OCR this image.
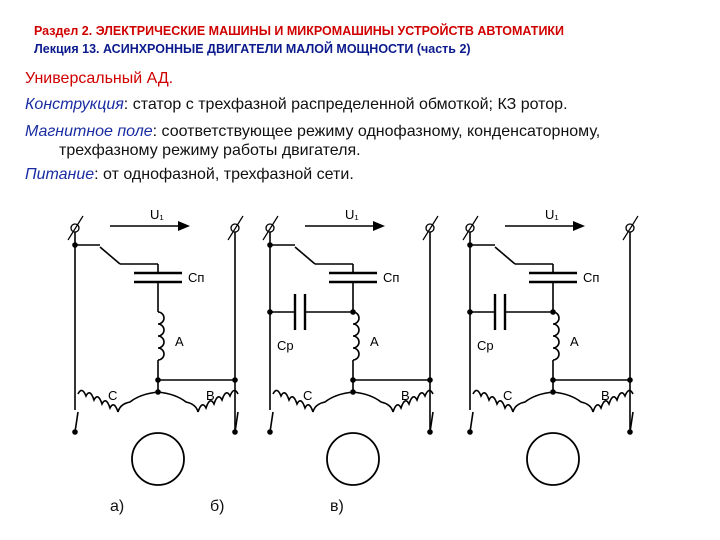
Раздел 2. ЭЛЕКТРИЧЕСКИЕ МАШИНЫ И МИКРОМАШИНЫ УСТРОЙСТВ АВТОМАТИКИ
Лекция 13. АСИНХРОННЫЕ ДВИГАТЕЛИ МАЛОЙ МОЩНОСТИ (часть 2)
Универсальный АД.
Конструкция: статор с трехфазной распределенной обмоткой; КЗ ротор.
Магнитное поле: соответствующее режиму однофазному, конденсаторному,
трехфазному режиму работы двигателя.
Питание: от однофазной, трехфазной сети.
U₁
Cп
A
C	B
U₁
Cп
A
C	B
Cр
U₁
Cп
A
C	B
Cр
а)	б)	в)
